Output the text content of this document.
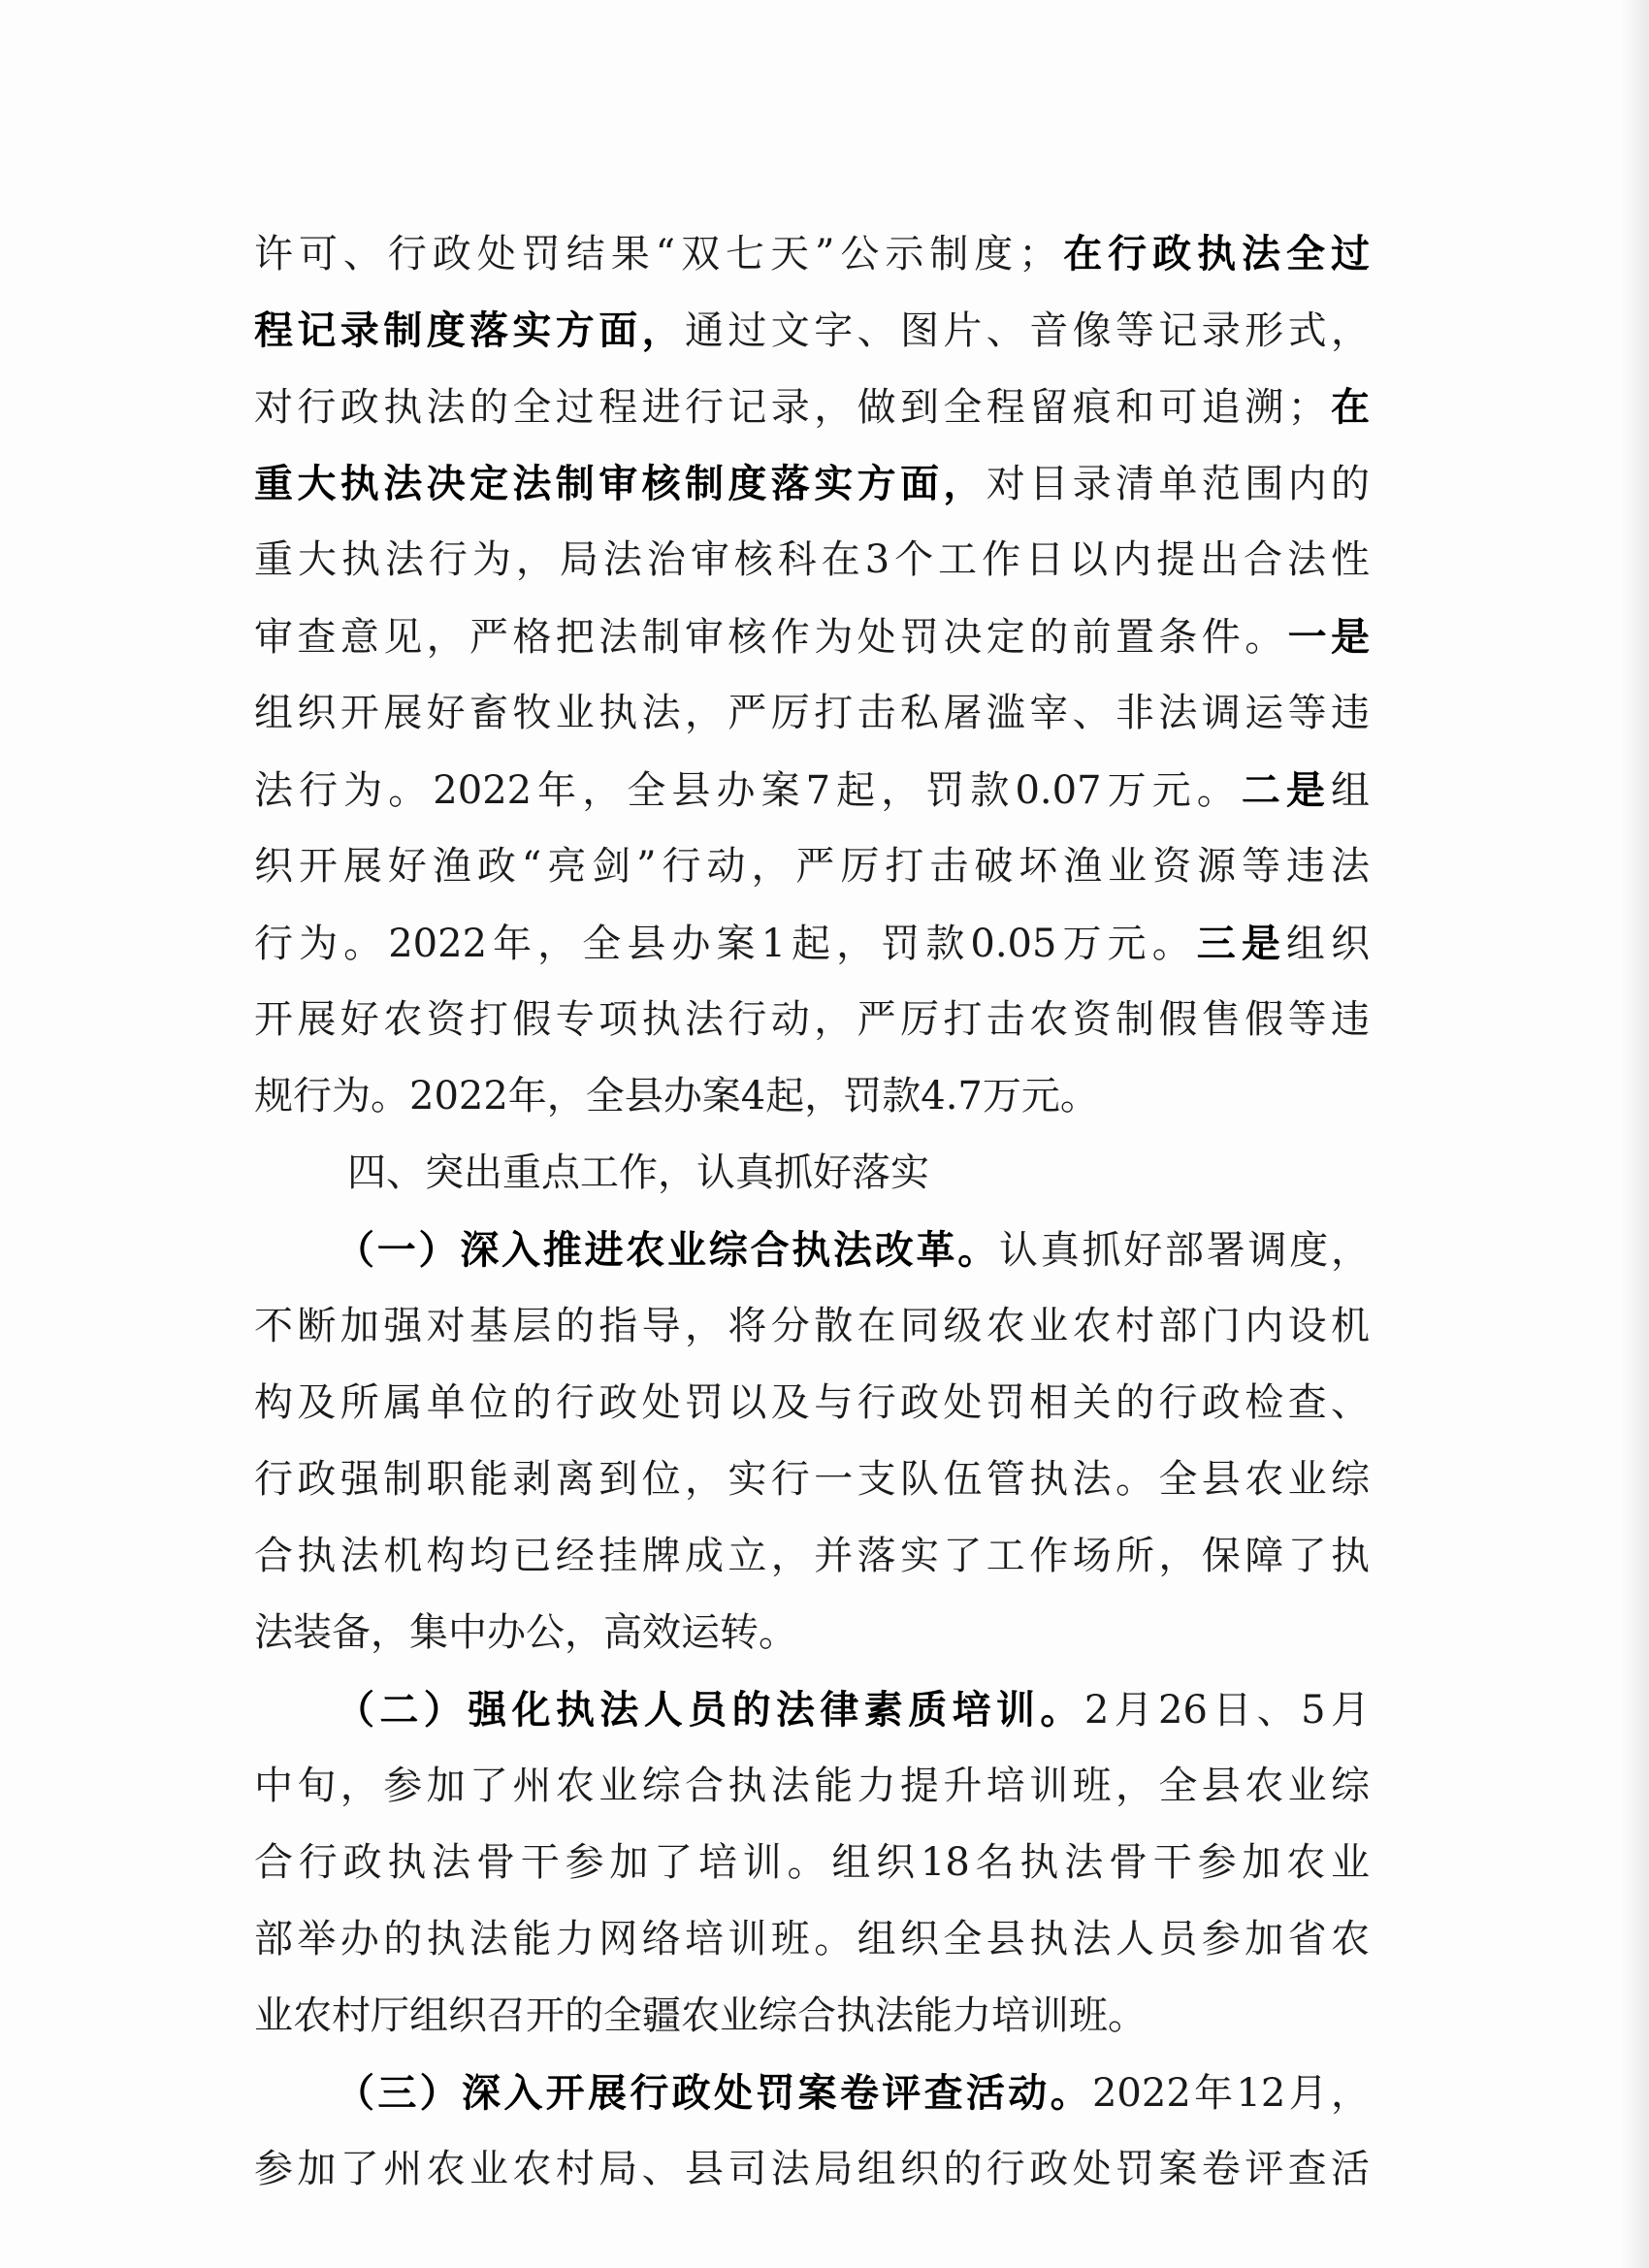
许可、行政处罚结果“双七天”公示制度；在行政执法全过
程记录制度落实方面，通过文字、图片、音像等记录形式，
对行政执法的全过程进行记录，做到全程留痕和可追溯；在
重大执法决定法制审核制度落实方面，对目录清单范围内的
重大执法行为，局法治审核科在3个工作日以内提出合法性
审查意见，严格把法制审核作为处罚决定的前置条件。一是
组织开展好畜牧业执法，严厉打击私屠滥宰、非法调运等违
法行为。2022年，全县办案7起，罚款0.07万元。二是组
织开展好渔政“亮剑”行动，严厉打击破坏渔业资源等违法
行为。2022年，全县办案1起，罚款0.05万元。三是组织
开展好农资打假专项执法行动，严厉打击农资制假售假等违
规行为。2022年，全县办案4起，罚款4.7万元。
四、突出重点工作，认真抓好落实
（一）深入推进农业综合执法改革。认真抓好部署调度，
不断加强对基层的指导，将分散在同级农业农村部门内设机
构及所属单位的行政处罚以及与行政处罚相关的行政检查、
行政强制职能剥离到位，实行一支队伍管执法。全县农业综
合执法机构均已经挂牌成立，并落实了工作场所，保障了执
法装备，集中办公，高效运转。
（二）强化执法人员的法律素质培训。2月26日、5月
中旬，参加了州农业综合执法能力提升培训班，全县农业综
合行政执法骨干参加了培训。组织18名执法骨干参加农业
部举办的执法能力网络培训班。组织全县执法人员参加省农
业农村厅组织召开的全疆农业综合执法能力培训班。
（三）深入开展行政处罚案卷评查活动。2022年12月，
参加了州农业农村局、县司法局组织的行政处罚案卷评查活
